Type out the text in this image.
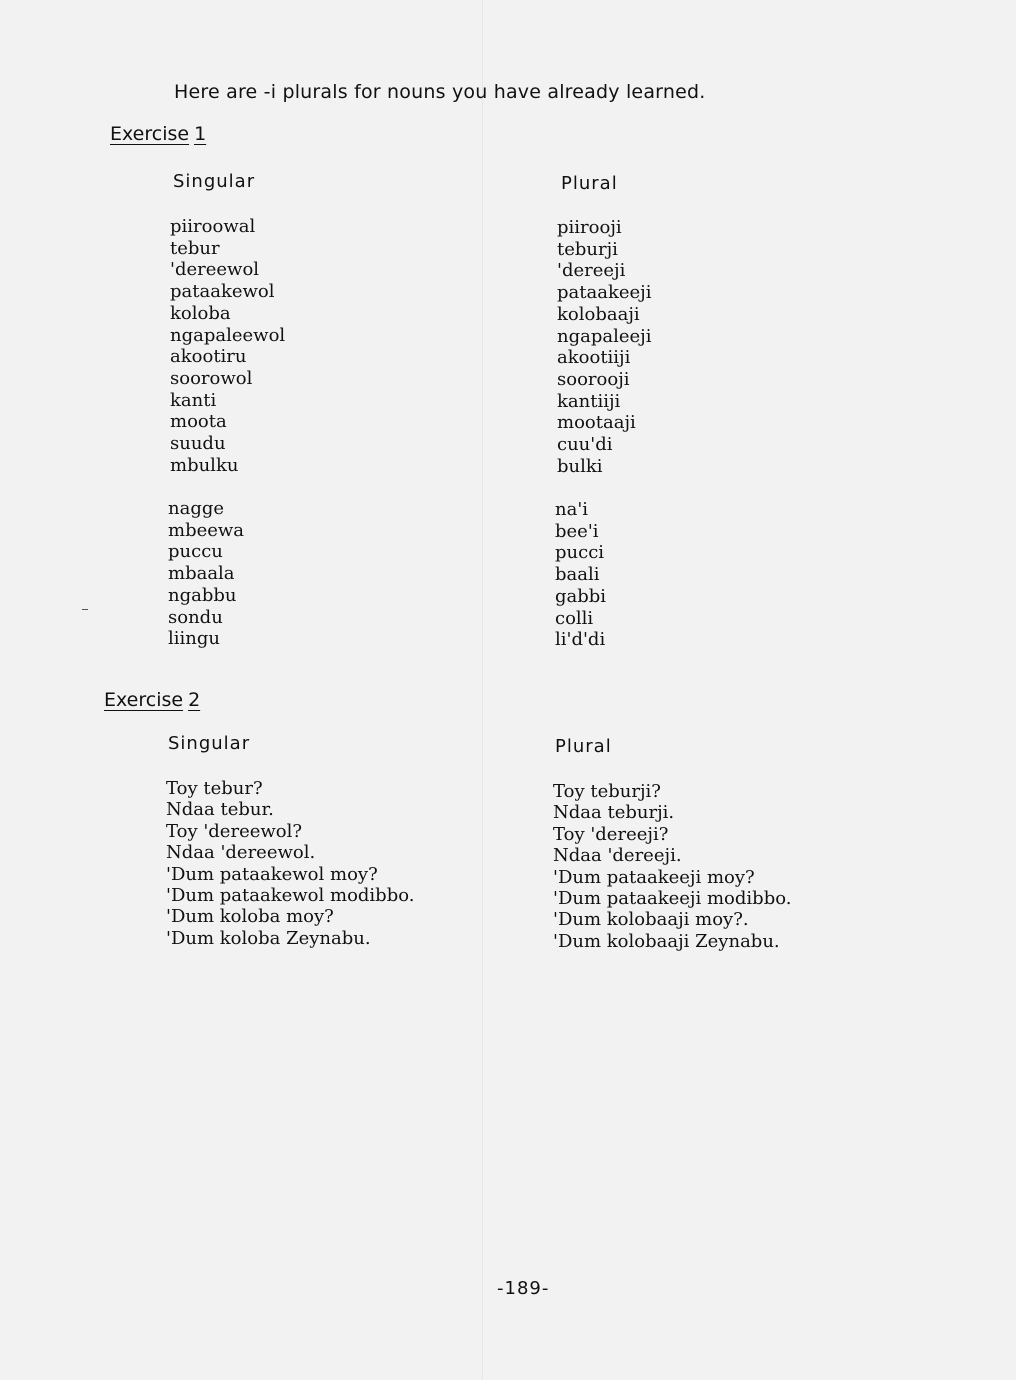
Here are -i plurals for nouns you have already learned.
Exercise 1
Singular	Plural
piiroowal
tebur
'dereewol
pataakewol
koloba
ngapaleewol
akootiru
soorowol
kanti
moota
suudu
mbulku
piirooji
teburji
'dereeji
pataakeeji
kolobaaji
ngapaleeji
akootiiji
soorooji
kantiiji
mootaaji
cuu'di
bulki
nagge
mbeewa
puccu
mbaala
ngabbu
sondu
liingu
na'i
bee'i
pucci
baali
gabbi
colli
li'd'di
Exercise 2
Singular	Plural
Toy tebur?
Ndaa tebur.
Toy 'dereewol?
Ndaa 'dereewol.
'Dum pataakewol moy?
'Dum pataakewol modibbo.
'Dum koloba moy?
'Dum koloba Zeynabu.
Toy teburji?
Ndaa teburji.
Toy 'dereeji?
Ndaa 'dereeji.
'Dum pataakeeji moy?
'Dum pataakeeji modibbo.
'Dum kolobaaji moy?.
'Dum kolobaaji Zeynabu.
-189-
